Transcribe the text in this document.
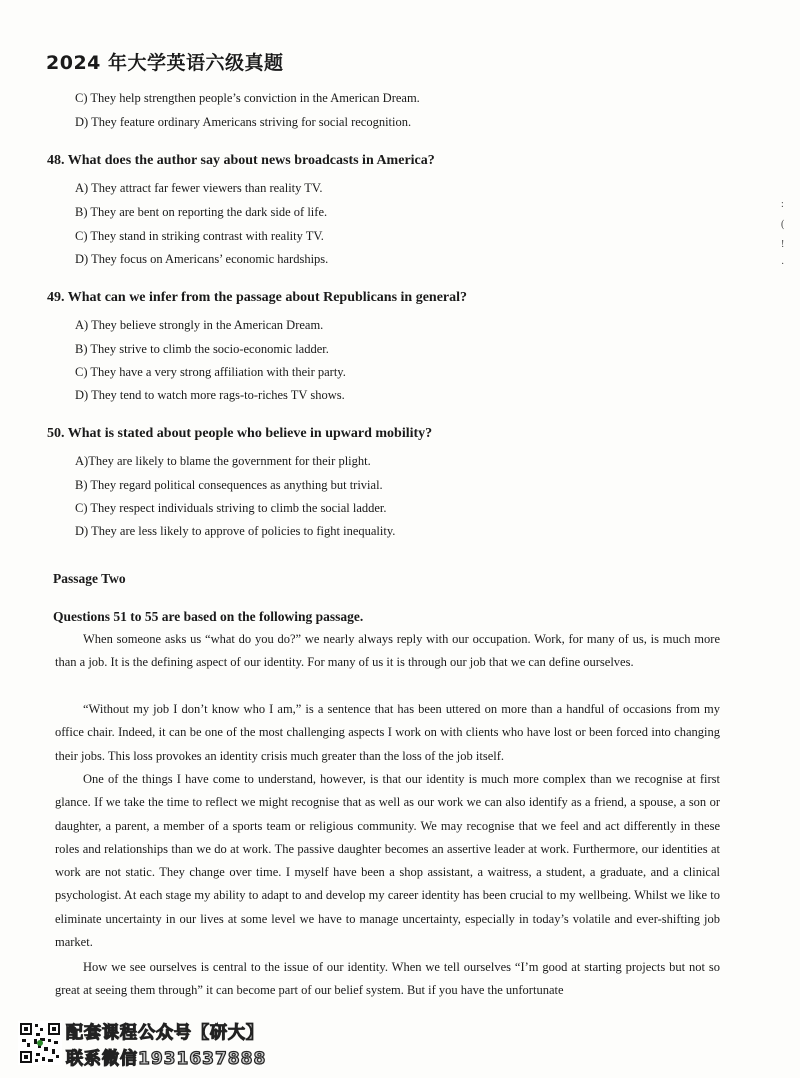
2024 年大学英语六级真题
C) They help strengthen people’s conviction in the American Dream.
D) They feature ordinary Americans striving for social recognition.
48. What does the author say about news broadcasts in America?
A) They attract far fewer viewers than reality TV.
B) They are bent on reporting the dark side of life.
C) They stand in striking contrast with reality TV.
D) They focus on Americans’ economic hardships.
49. What can we infer from the passage about Republicans in general?
A) They believe strongly in the American Dream.
B) They strive to climb the socio-economic ladder.
C) They have a very strong affiliation with their party.
D) They tend to watch more rags-to-riches TV shows.
50. What is stated about people who believe in upward mobility?
A)They are likely to blame the government for their plight.
B) They regard political consequences as anything but trivial.
C) They respect individuals striving to climb the social ladder.
D) They are less likely to approve of policies to fight inequality.
Passage Two
Questions 51 to 55 are based on the following passage.
When someone asks us “what do you do?” we nearly always reply with our occupation. Work, for many of us, is much more than a job. It is the defining aspect of our identity. For many of us it is through our job that we can define ourselves.
“Without my job I don’t know who I am,” is a sentence that has been uttered on more than a handful of occasions from my office chair. Indeed, it can be one of the most challenging aspects I work on with clients who have lost or been forced into changing their jobs. This loss provokes an identity crisis much greater than the loss of the job itself.
One of the things I have come to understand, however, is that our identity is much more complex than we recognise at first glance. If we take the time to reflect we might recognise that as well as our work we can also identify as a friend, a spouse, a son or daughter, a parent, a member of a sports team or religious community. We may recognise that we feel and act differently in these roles and relationships than we do at work. The passive daughter becomes an assertive leader at work. Furthermore, our identities at work are not static. They change over time. I myself have been a shop assistant, a waitress, a student, a graduate, and a clinical psychologist. At each stage my ability to adapt to and develop my career identity has been crucial to my wellbeing. Whilst we like to eliminate uncertainty in our lives at some level we have to manage uncertainty, especially in today’s volatile and ever-shifting job market.
How we see ourselves is central to the issue of our identity. When we tell ourselves “I’m good at starting projects but not so great at seeing them through” it can become part of our belief system. But if you have the unfortunate
:
(
!
·
配套课程公众号【研大】
联系微信1931637888
